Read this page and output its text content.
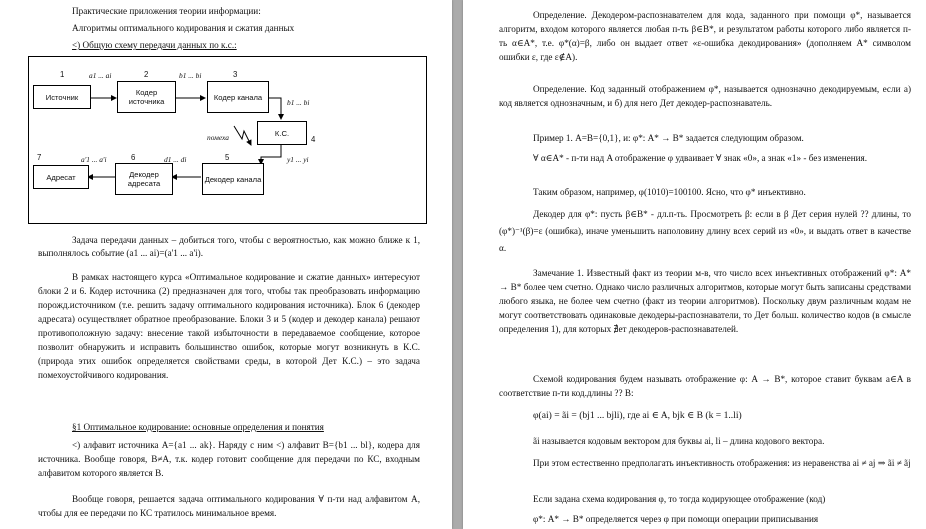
Практические приложения теории информации:
Алгоритмы оптимального кодирования и сжатия данных
<) Общую схему передачи данных по к.с.:
Источник	Кодер источника	Кодер канала
К.С.
Декодер канала
Декодер адресата
Адресат
1	2	3
4
5
6
7
a1 ... ai	b1 ... bi
b1 ... bi
помеха
y1 ... yi
d1 ... di
a'1 ... a'i
Задача передачи данных – добиться того, чтобы с вероятностью, как можно ближе к 1, выполнялось событие (a1 ... ai)=(a'1 ... a'i).
В рамках настоящего курса «Оптимальное кодирование и сжатие данных» интересуют блоки 2 и 6. Кодер источника (2) предназначен для того, чтобы так преобразовать информацию порожд.источником (т.е. решить задачу оптимального кодирования источника). Блок 6 (декодер адресата) осуществляет обратное преобразование. Блоки 3 и 5 (кодер и декодер канала) решают противоположную задачу: внесение такой избыточности в передаваемое сообщение, которое позволит обнаружить и исправить большинство ошибок, которые могут возникнуть в К.С. (природа этих ошибок определяется свойствами среды, в которой Дет К.С.) – это задача помехоустойчивого кодирования.
§1 Оптимальное кодирование: основные определения и понятия
<) алфавит источника A={a1 ... ak}. Наряду с ним <) алфавит B={b1 ... bl}, кодера для источника. Вообще говоря, B≠A, т.к. кодер готовит сообщение для передачи по КС, входным алфавитом которого является B.
Вообще говоря, решается задача оптимального кодирования ∀ п-ти над алфавитом A, чтобы для ее передачи по КС тратилось минимальное время.
Определение. Декодером-распознавателем для кода, заданного при помощи φ*, называется алгоритм, входом которого является любая п-ть β∈B*, и результатом работы которого либо является п-ть α∈A*, т.е. φ*(α)=β, либо он выдает ответ «ε-ошибка декодирования» (дополняем A* символом ошибки ε, где ε∉A).
Определение. Код заданный отображением φ*, называется однозначно декодируемым, если а) код является однозначным, и б) для него Дет декодер-распознаватель.
Пример 1. A=B={0,1}, и: φ*: A* → B* задается следующим образом.
∀ α∈A* - п-ти над A отображение φ удваивает ∀ знак «0», а знак «1» - без изменения.
Таким образом, например, φ(1010)=100100. Ясно, что φ* инъективно.
Декодер для φ*: пусть β∈B* - дл.п-ть. Просмотреть β: если в β Дет серия нулей ?? длины, то (φ*)⁻¹(β)=ε (ошибка), иначе уменьшить наполовину длину всех серий из «0», и выдать ответ в качестве α.
Замечание 1. Известный факт из теории м-в, что число всех инъективных отображений φ*: A* → B* более чем счетно. Однако число различных алгоритмов, которые могут быть записаны средствами любого языка, не более чем счетно (факт из теории алгоритмов). Поскольку двум различным кодам не могут соответствовать одинаковые декодеры-распознаватели, то Дет больш. количество кодов (в смысле определения 1), для которых ∄ет декодеров-распознавателей.
Схемой кодирования будем называть отображение φ: A → B*, которое ставит буквам a∈A в соответствие п-ти код.длины ?? B:
φ(ai) = ãi = (bj1 ... bjli), где ai ∈ A, bjk ∈ B (k = 1..li)
ãi называется кодовым вектором для буквы ai, li – длина кодового вектора.
При этом естественно предполагать инъективность отображения: из неравенства ai ≠ aj ⇒ ãi ≠ ãj
Если задана схема кодирования φ, то тогда кодирующее отображение (код)
φ*: A* → B* определяется через φ при помощи операции приписывания
